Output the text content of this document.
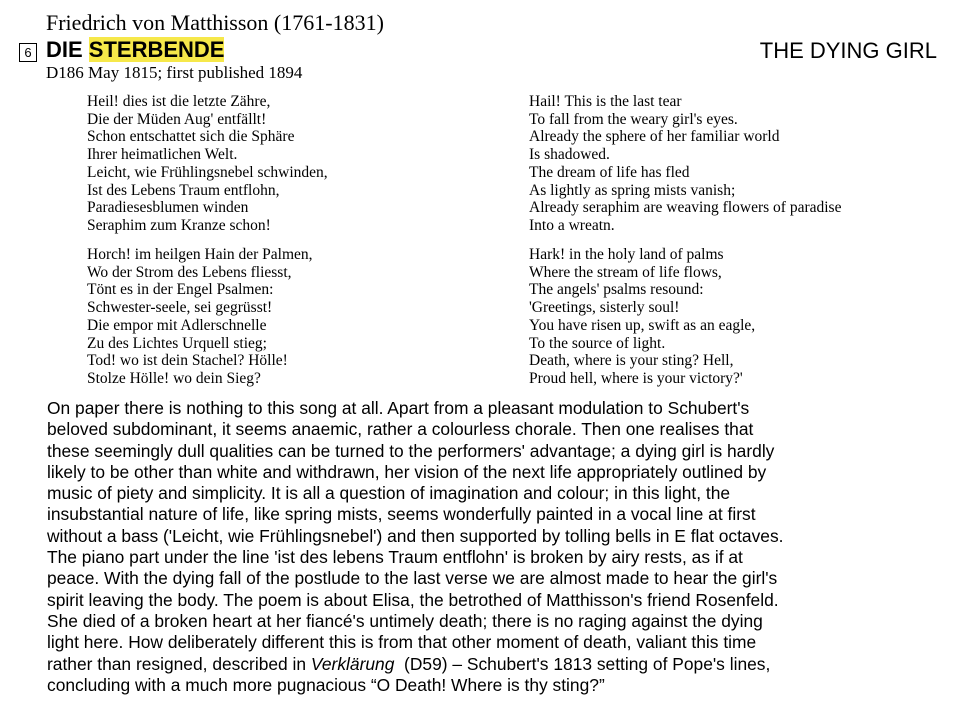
Friedrich von Matthisson (1761-1831)
6 DIE STERBENDE	THE DYING GIRL
D186 May 1815; first published 1894
Heil! dies ist die letzte Zähre,
Die der Müden Aug' entfällt!
Schon entschattet sich die Sphäre
Ihrer heimatlichen Welt.
Leicht, wie Frühlingsnebel schwinden,
Ist des Lebens Traum entflohn,
Paradiesesblumen winden
Seraphim zum Kranze schon!
Hail! This is the last tear
To fall from the weary girl's eyes.
Already the sphere of her familiar world
Is shadowed.
The dream of life has fled
As lightly as spring mists vanish;
Already seraphim are weaving flowers of paradise
Into a wreatn.
Horch! im heilgen Hain der Palmen,
Wo der Strom des Lebens fliesst,
Tönt es in der Engel Psalmen:
Schwester-seele, sei gegrüsst!
Die empor mit Adlerschnelle
Zu des Lichtes Urquell stieg;
Tod! wo ist dein Stachel? Hölle!
Stolze Hölle! wo dein Sieg?
Hark! in the holy land of palms
Where the stream of life flows,
The angels' psalms resound:
'Greetings, sisterly soul!
You have risen up, swift as an eagle,
To the source of light.
Death, where is your sting? Hell,
Proud hell, where is your victory?'
On paper there is nothing to this song at all. Apart from a pleasant modulation to Schubert's
beloved subdominant, it seems anaemic, rather a colourless chorale. Then one realises that
these seemingly dull qualities can be turned to the performers' advantage; a dying girl is hardly
likely to be other than white and withdrawn, her vision of the next life appropriately outlined by
music of piety and simplicity. It is all a question of imagination and colour; in this light, the
insubstantial nature of life, like spring mists, seems wonderfully painted in a vocal line at first
without a bass ('Leicht, wie Frühlingsnebel') and then supported by tolling bells in E flat octaves.
The piano part under the line 'ist des lebens Traum entflohn' is broken by airy rests, as if at
peace. With the dying fall of the postlude to the last verse we are almost made to hear the girl's
spirit leaving the body. The poem is about Elisa, the betrothed of Matthisson's friend Rosenfeld.
She died of a broken heart at her fiancé's untimely death; there is no raging against the dying
light here. How deliberately different this is from that other moment of death, valiant this time
rather than resigned, described in Verklärung  (D59) – Schubert's 1813 setting of Pope's lines,
concluding with a much more pugnacious “O Death! Where is thy sting?”
